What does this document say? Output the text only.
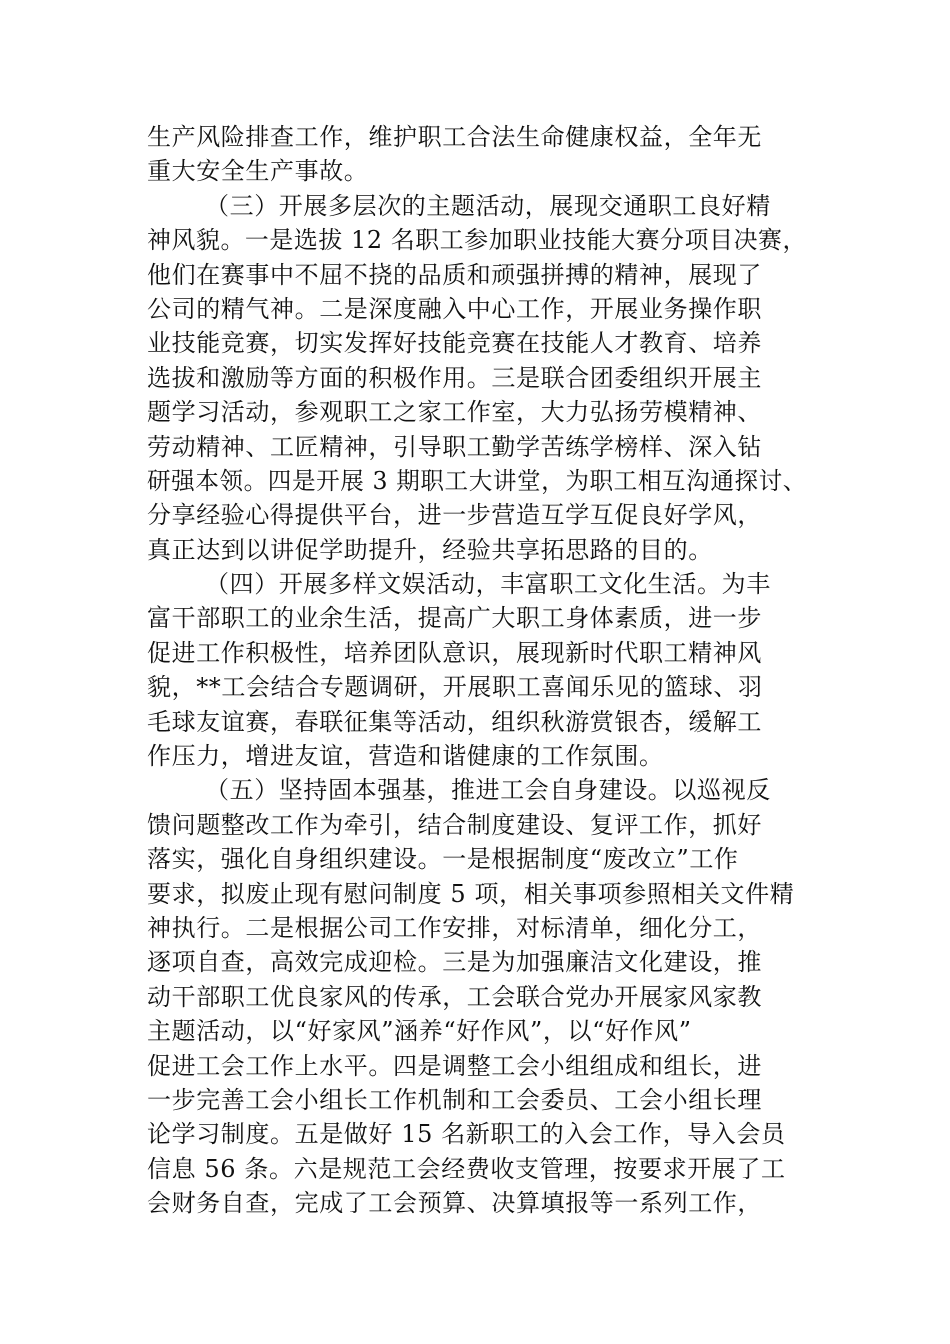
生产风险排查工作，维护职工合法生命健康权益，全年无
重大安全生产事故。
（三）开展多层次的主题活动，展现交通职工良好精
神风貌。一是选拔 12 名职工参加职业技能大赛分项目决赛，
他们在赛事中不屈不挠的品质和顽强拼搏的精神，展现了
公司的精气神。二是深度融入中心工作，开展业务操作职
业技能竞赛，切实发挥好技能竞赛在技能人才教育、培养
选拔和激励等方面的积极作用。三是联合团委组织开展主
题学习活动，参观职工之家工作室，大力弘扬劳模精神、
劳动精神、工匠精神，引导职工勤学苦练学榜样、深入钻
研强本领。四是开展 3 期职工大讲堂，为职工相互沟通探讨、
分享经验心得提供平台，进一步营造互学互促良好学风，
真正达到以讲促学助提升，经验共享拓思路的目的。
（四）开展多样文娱活动，丰富职工文化生活。为丰
富干部职工的业余生活，提高广大职工身体素质，进一步
促进工作积极性，培养团队意识，展现新时代职工精神风
貌，**工会结合专题调研，开展职工喜闻乐见的篮球、羽
毛球友谊赛，春联征集等活动，组织秋游赏银杏，缓解工
作压力，增进友谊，营造和谐健康的工作氛围。
（五）坚持固本强基，推进工会自身建设。以巡视反
馈问题整改工作为牵引，结合制度建设、复评工作，抓好
落实，强化自身组织建设。一是根据制度“废改立”工作
要求，拟废止现有慰问制度 5 项，相关事项参照相关文件精
神执行。二是根据公司工作安排，对标清单，细化分工，
逐项自查，高效完成迎检。三是为加强廉洁文化建设，推
动干部职工优良家风的传承，工会联合党办开展家风家教
主题活动，以“好家风”涵养“好作风”，以“好作风”
促进工会工作上水平。四是调整工会小组组成和组长，进
一步完善工会小组长工作机制和工会委员、工会小组长理
论学习制度。五是做好 15 名新职工的入会工作，导入会员
信息 56 条。六是规范工会经费收支管理，按要求开展了工
会财务自查，完成了工会预算、决算填报等一系列工作，
